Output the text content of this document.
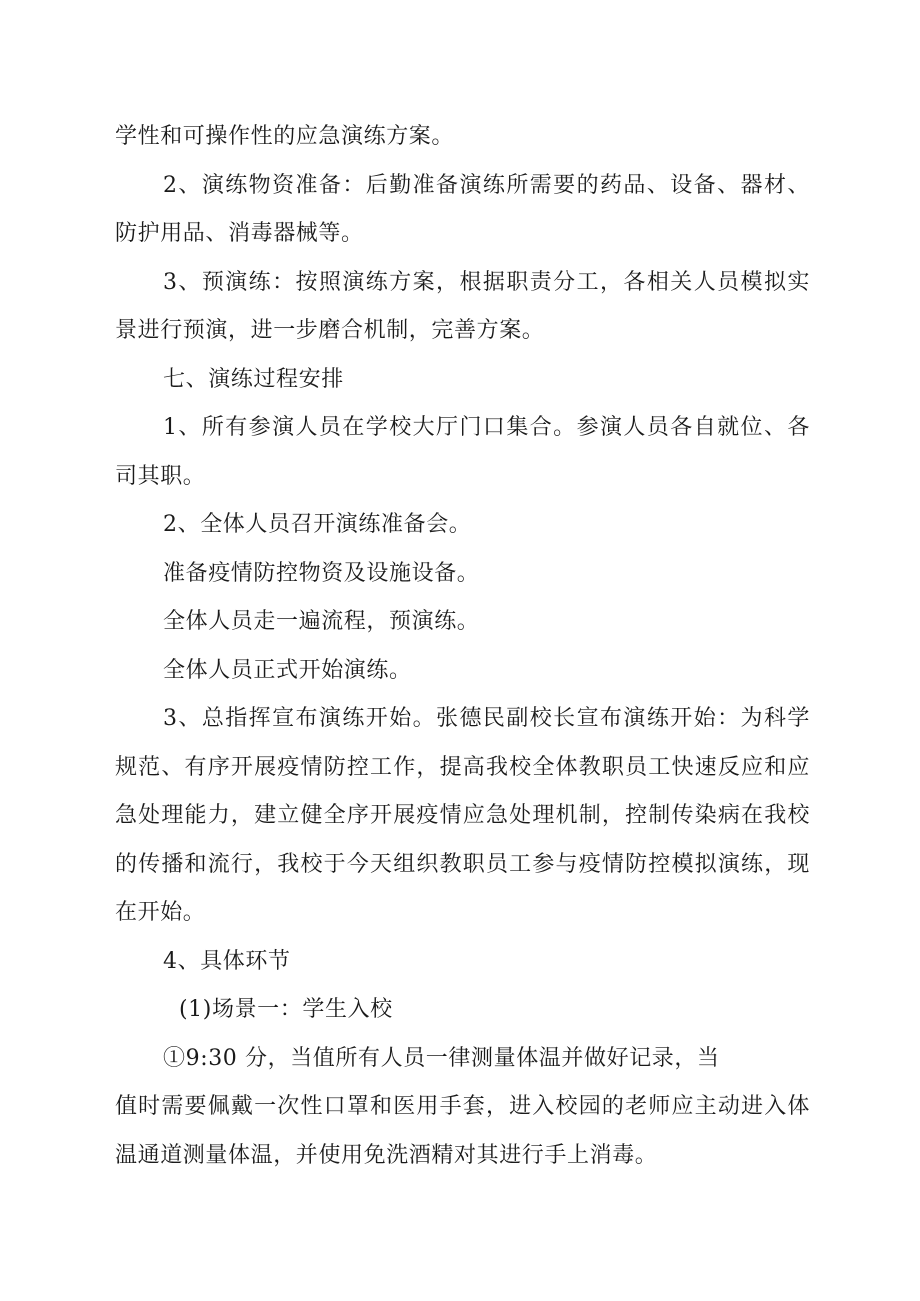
学性和可操作性的应急演练方案。

2、演练物资准备：后勤准备演练所需要的药品、设备、器材、防护用品、消毒器械等。

3、预演练：按照演练方案，根据职责分工，各相关人员模拟实景进行预演，进一步磨合机制，完善方案。

七、演练过程安排

1、所有参演人员在学校大厅门口集合。参演人员各自就位、各司其职。

2、全体人员召开演练准备会。

准备疫情防控物资及设施设备。

全体人员走一遍流程，预演练。

全体人员正式开始演练。

3、总指挥宣布演练开始。张德民副校长宣布演练开始：为科学规范、有序开展疫情防控工作，提高我校全体教职员工快速反应和应急处理能力，建立健全序开展疫情应急处理机制，控制传染病在我校的传播和流行，我校于今天组织教职员工参与疫情防控模拟演练，现在开始。

4、具体环节

(1)场景一：学生入校

①9:30 分，当值所有人员一律测量体温并做好记录，当

值时需要佩戴一次性口罩和医用手套，进入校园的老师应主动进入体温通道测量体温，并使用免洗酒精对其进行手上消毒。
